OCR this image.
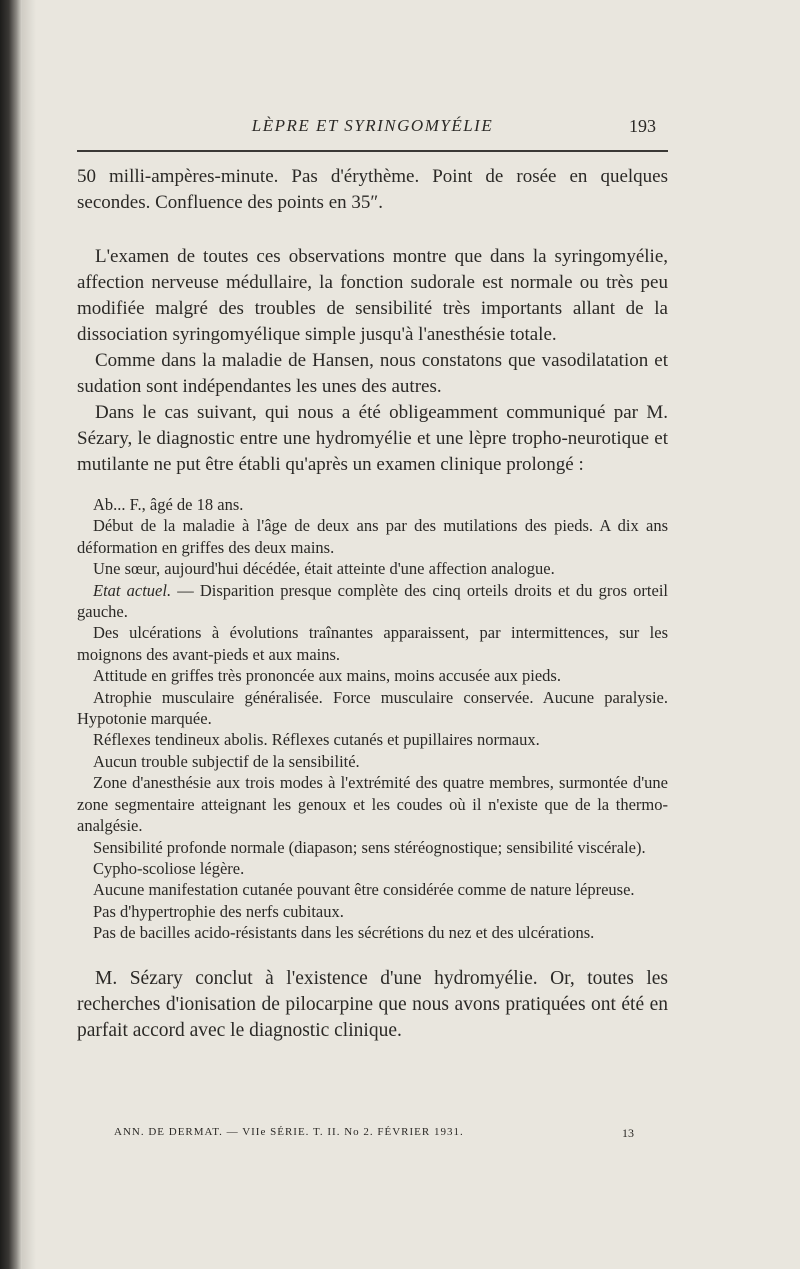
LÈPRE ET SYRINGOMYÉLIE	193

50 milli-ampères-minute. Pas d'érythème. Point de rosée en quelques secondes. Confluence des points en 35″.

L'examen de toutes ces observations montre que dans la syringomyélie, affection nerveuse médullaire, la fonction sudorale est normale ou très peu modifiée malgré des troubles de sensibilité très importants allant de la dissociation syringomyélique simple jusqu'à l'anesthésie totale.

Comme dans la maladie de Hansen, nous constatons que vasodilatation et sudation sont indépendantes les unes des autres.

Dans le cas suivant, qui nous a été obligeamment communiqué par M. Sézary, le diagnostic entre une hydromyélie et une lèpre tropho-neurotique et mutilante ne put être établi qu'après un examen clinique prolongé :

Ab... F., âgé de 18 ans.

Début de la maladie à l'âge de deux ans par des mutilations des pieds. A dix ans déformation en griffes des deux mains.

Une sœur, aujourd'hui décédée, était atteinte d'une affection analogue.

Etat actuel. — Disparition presque complète des cinq orteils droits et du gros orteil gauche.

Des ulcérations à évolutions traînantes apparaissent, par intermittences, sur les moignons des avant-pieds et aux mains.

Attitude en griffes très prononcée aux mains, moins accusée aux pieds.

Atrophie musculaire généralisée. Force musculaire conservée. Aucune paralysie. Hypotonie marquée.

Réflexes tendineux abolis. Réflexes cutanés et pupillaires normaux.

Aucun trouble subjectif de la sensibilité.

Zone d'anesthésie aux trois modes à l'extrémité des quatre membres, surmontée d'une zone segmentaire atteignant les genoux et les coudes où il n'existe que de la thermo-analgésie.

Sensibilité profonde normale (diapason; sens stéréognostique; sensibilité viscérale).

Cypho-scoliose légère.

Aucune manifestation cutanée pouvant être considérée comme de nature lépreuse.

Pas d'hypertrophie des nerfs cubitaux.

Pas de bacilles acido-résistants dans les sécrétions du nez et des ulcérations.

M. Sézary conclut à l'existence d'une hydromyélie. Or, toutes les recherches d'ionisation de pilocarpine que nous avons pratiquées ont été en parfait accord avec le diagnostic clinique.

ANN. DE DERMAT. — VIIe SÉRIE. T. II. No 2. FÉVRIER 1931.	13
